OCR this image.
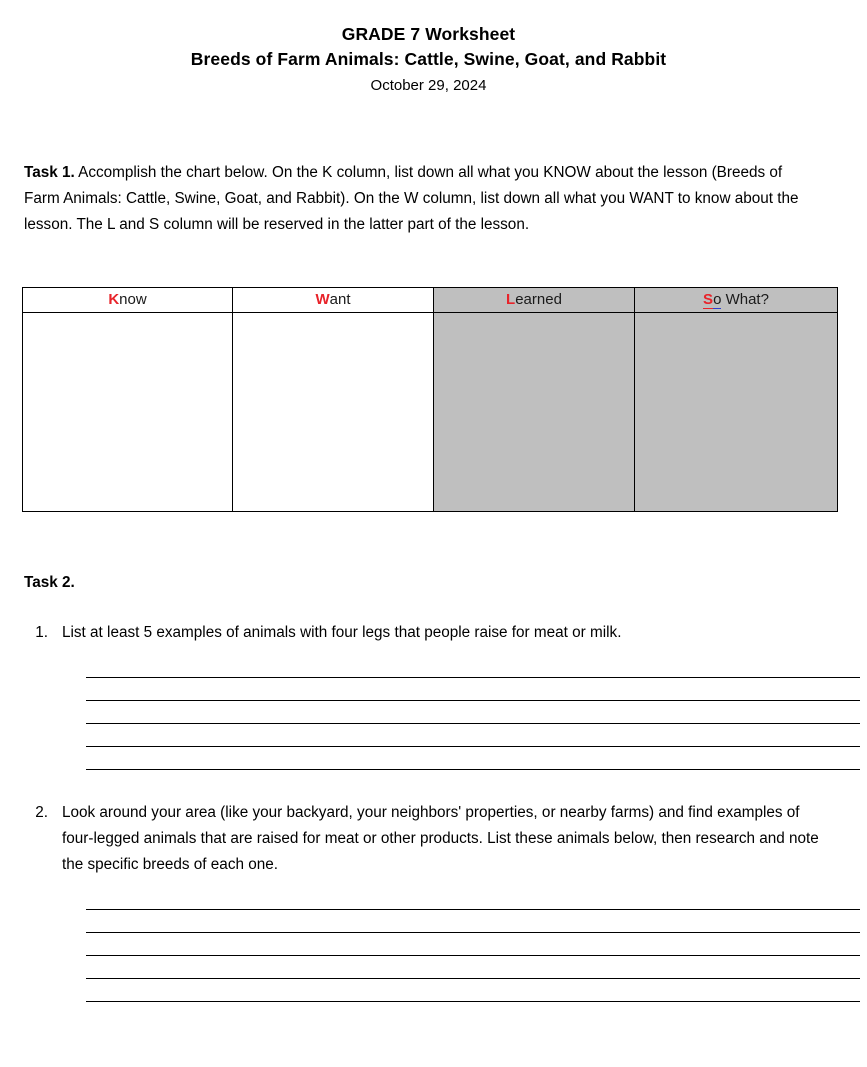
GRADE 7 Worksheet
Breeds of Farm Animals: Cattle, Swine, Goat, and Rabbit
October 29, 2024
Task 1. Accomplish the chart below. On the K column, list down all what you KNOW about the lesson (Breeds of Farm Animals: Cattle, Swine, Goat, and Rabbit). On the W column, list down all what you WANT to know about the lesson. The L and S column will be reserved in the latter part of the lesson.
Know	Want	Learned	So What?

Task 2.
1. List at least 5 examples of animals with four legs that people raise for meat or milk.
2. Look around your area (like your backyard, your neighbors' properties, or nearby farms) and find examples of four-legged animals that are raised for meat or other products. List these animals below, then research and note the specific breeds of each one.
